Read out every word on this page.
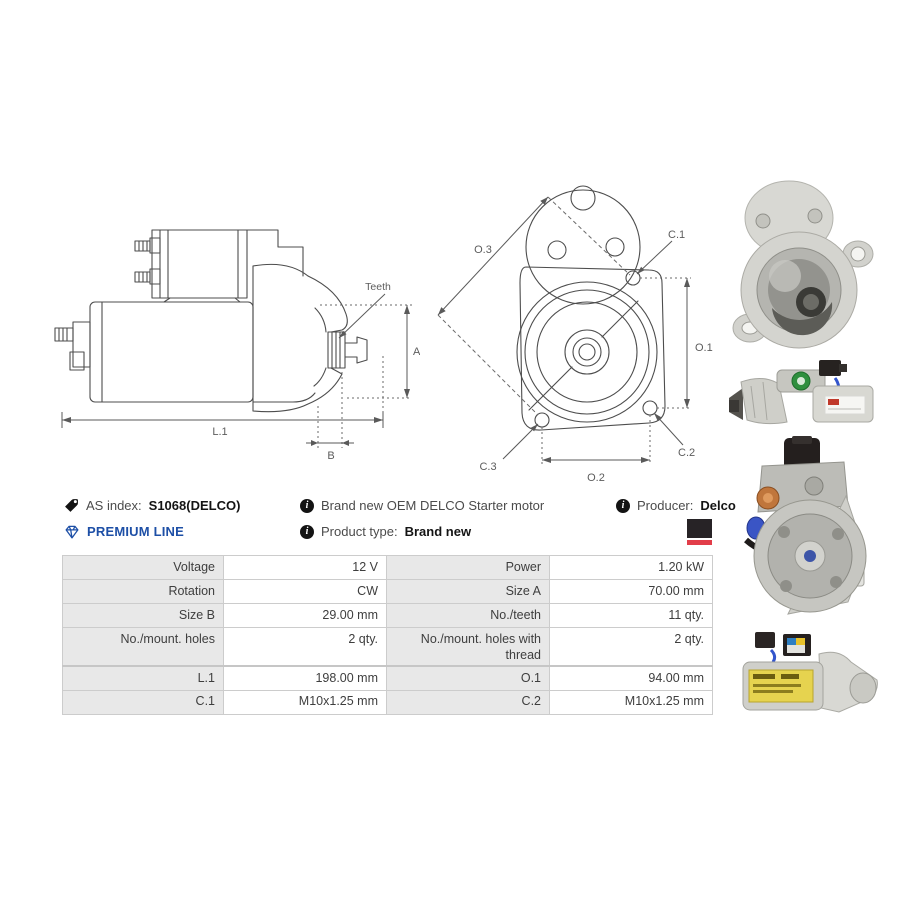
A
L.1
B
Teeth
O.3
O.1
O.2
C.1
C.2
C.3
AS index: S1068(DELCO)	i Brand new OEM DELCO Starter motor	i Producer: Delco
PREMIUM LINE	i Product type: Brand new
Voltage	12 V	Power	1.20 kW
Rotation	CW	Size A	70.00 mm
Size B	29.00 mm	No./teeth	11 qty.
No./mount. holes	2 qty.	No./mount. holes with thread	2 qty.
L.1	198.00 mm	O.1	94.00 mm
C.1	M10x1.25 mm	C.2	M10x1.25 mm
